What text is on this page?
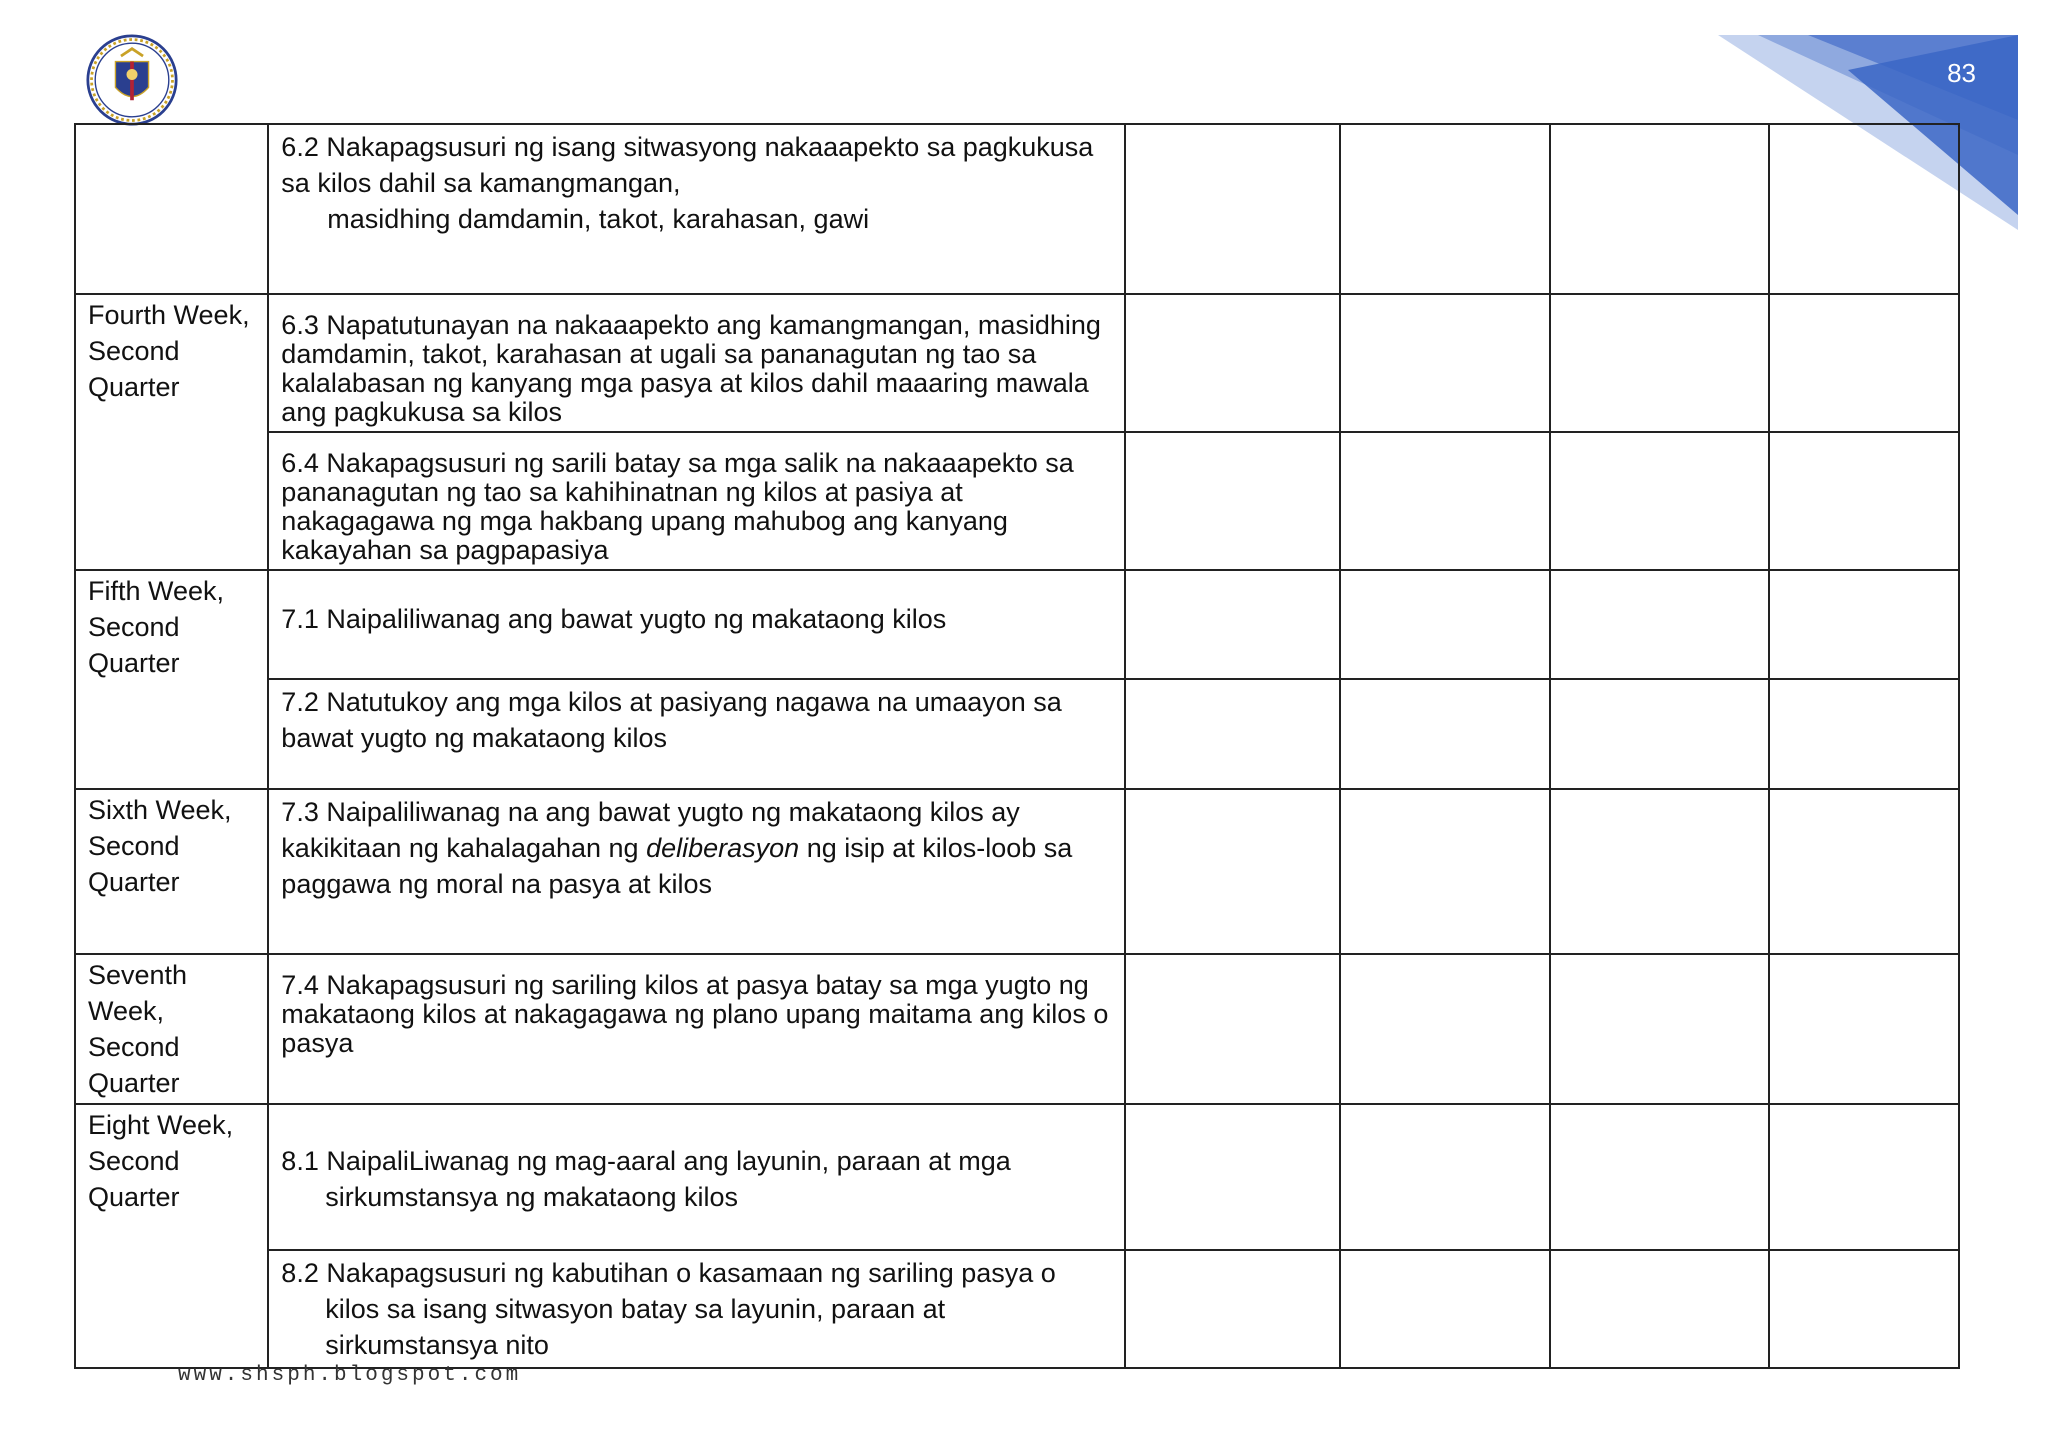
83
	6.2 Nakapagsusuri ng isang sitwasyong nakaaapekto sa pagkukusa sa kilos dahil sa kamangmangan,
masidhing damdamin, takot, karahasan, gawi				

Fourth Week, Second Quarter	6.3 Napatutunayan na nakaaapekto ang kamangmangan, masidhing damdamin, takot, karahasan at ugali sa pananagutan ng tao sa kalalabasan ng kanyang mga pasya at kilos dahil maaaring mawala ang pagkukusa sa kilos				
	6.4 Nakapagsusuri ng sarili batay sa mga salik na nakaaapekto sa pananagutan ng tao sa kahihinatnan ng kilos at pasiya at nakagagawa ng mga hakbang upang mahubog ang kanyang kakayahan sa pagpapasiya				
Fifth Week, Second Quarter	7.1 Naipaliliwanag ang bawat yugto ng makataong kilos				
	7.2 Natutukoy ang mga kilos at pasiyang nagawa na umaayon sa bawat yugto ng makataong kilos				
Sixth Week, Second Quarter	7.3 Naipaliliwanag na ang bawat yugto ng makataong kilos ay kakikitaan ng kahalagahan ng deliberasyon ng isip at kilos-loob sa paggawa ng moral na pasya at kilos				
Seventh Week, Second Quarter	7.4 Nakapagsusuri ng sariling kilos at pasya batay sa mga yugto ng makataong kilos at nakagagawa ng plano upang maitama ang kilos o pasya				
Eight Week, Second Quarter	8.1 NaipaliLiwanag ng mag-aaral ang layunin, paraan at mga sirkumstansya ng makataong kilos				

	8.2 Nakapagsusuri ng kabutihan o kasamaan ng sariling pasya o kilos sa isang sitwasyon batay sa layunin, paraan at sirkumstansya nito				

www.shsph.blogspot.com
